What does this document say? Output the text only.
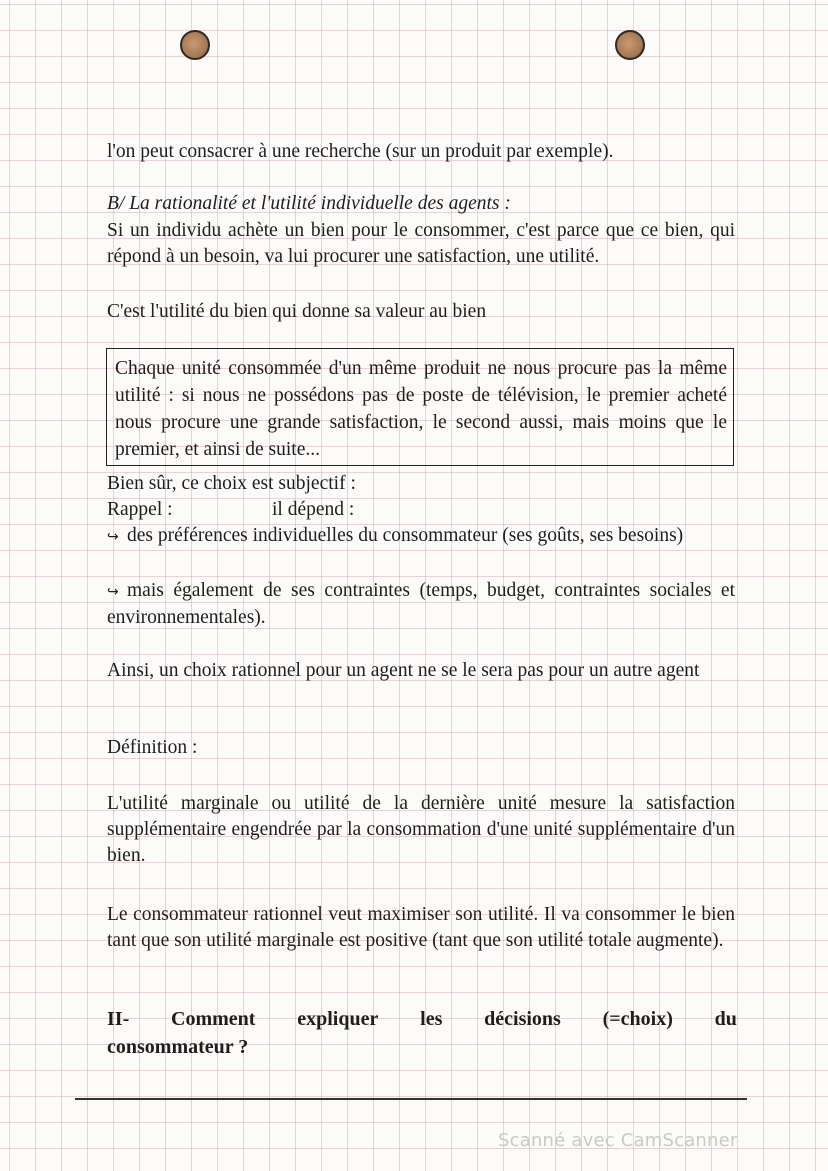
l'on peut consacrer à une recherche (sur un produit par exemple).
B/ La rationalité et l'utilité individuelle des agents :
Si un individu achète un bien pour le consommer, c'est parce que ce bien, qui répond à un besoin, va lui procurer une satisfaction, une utilité.
C'est l'utilité du bien qui donne sa valeur au bien
Chaque unité consommée d'un même produit ne nous procure pas la même utilité : si nous ne possédons pas de poste de télévision, le premier acheté nous procure une grande satisfaction, le second aussi, mais moins que le premier, et ainsi de suite...
Bien sûr, ce choix est subjectif :
Rappel :	il dépend :
↪ des préférences individuelles du consommateur (ses goûts, ses besoins)
↪ mais également de ses contraintes (temps, budget, contraintes sociales et environnementales).
Ainsi, un choix rationnel pour un agent ne se le sera pas pour un autre agent
Définition :
L'utilité marginale ou utilité de la dernière unité mesure la satisfaction supplémentaire engendrée par la consommation d'une unité supplémentaire d'un bien.
Le consommateur rationnel veut maximiser son utilité. Il va consommer le bien tant que son utilité marginale est positive (tant que son utilité totale augmente).
II- Comment expliquer les décisions (=choix) du
consommateur ?
Scanné avec CamScanner
